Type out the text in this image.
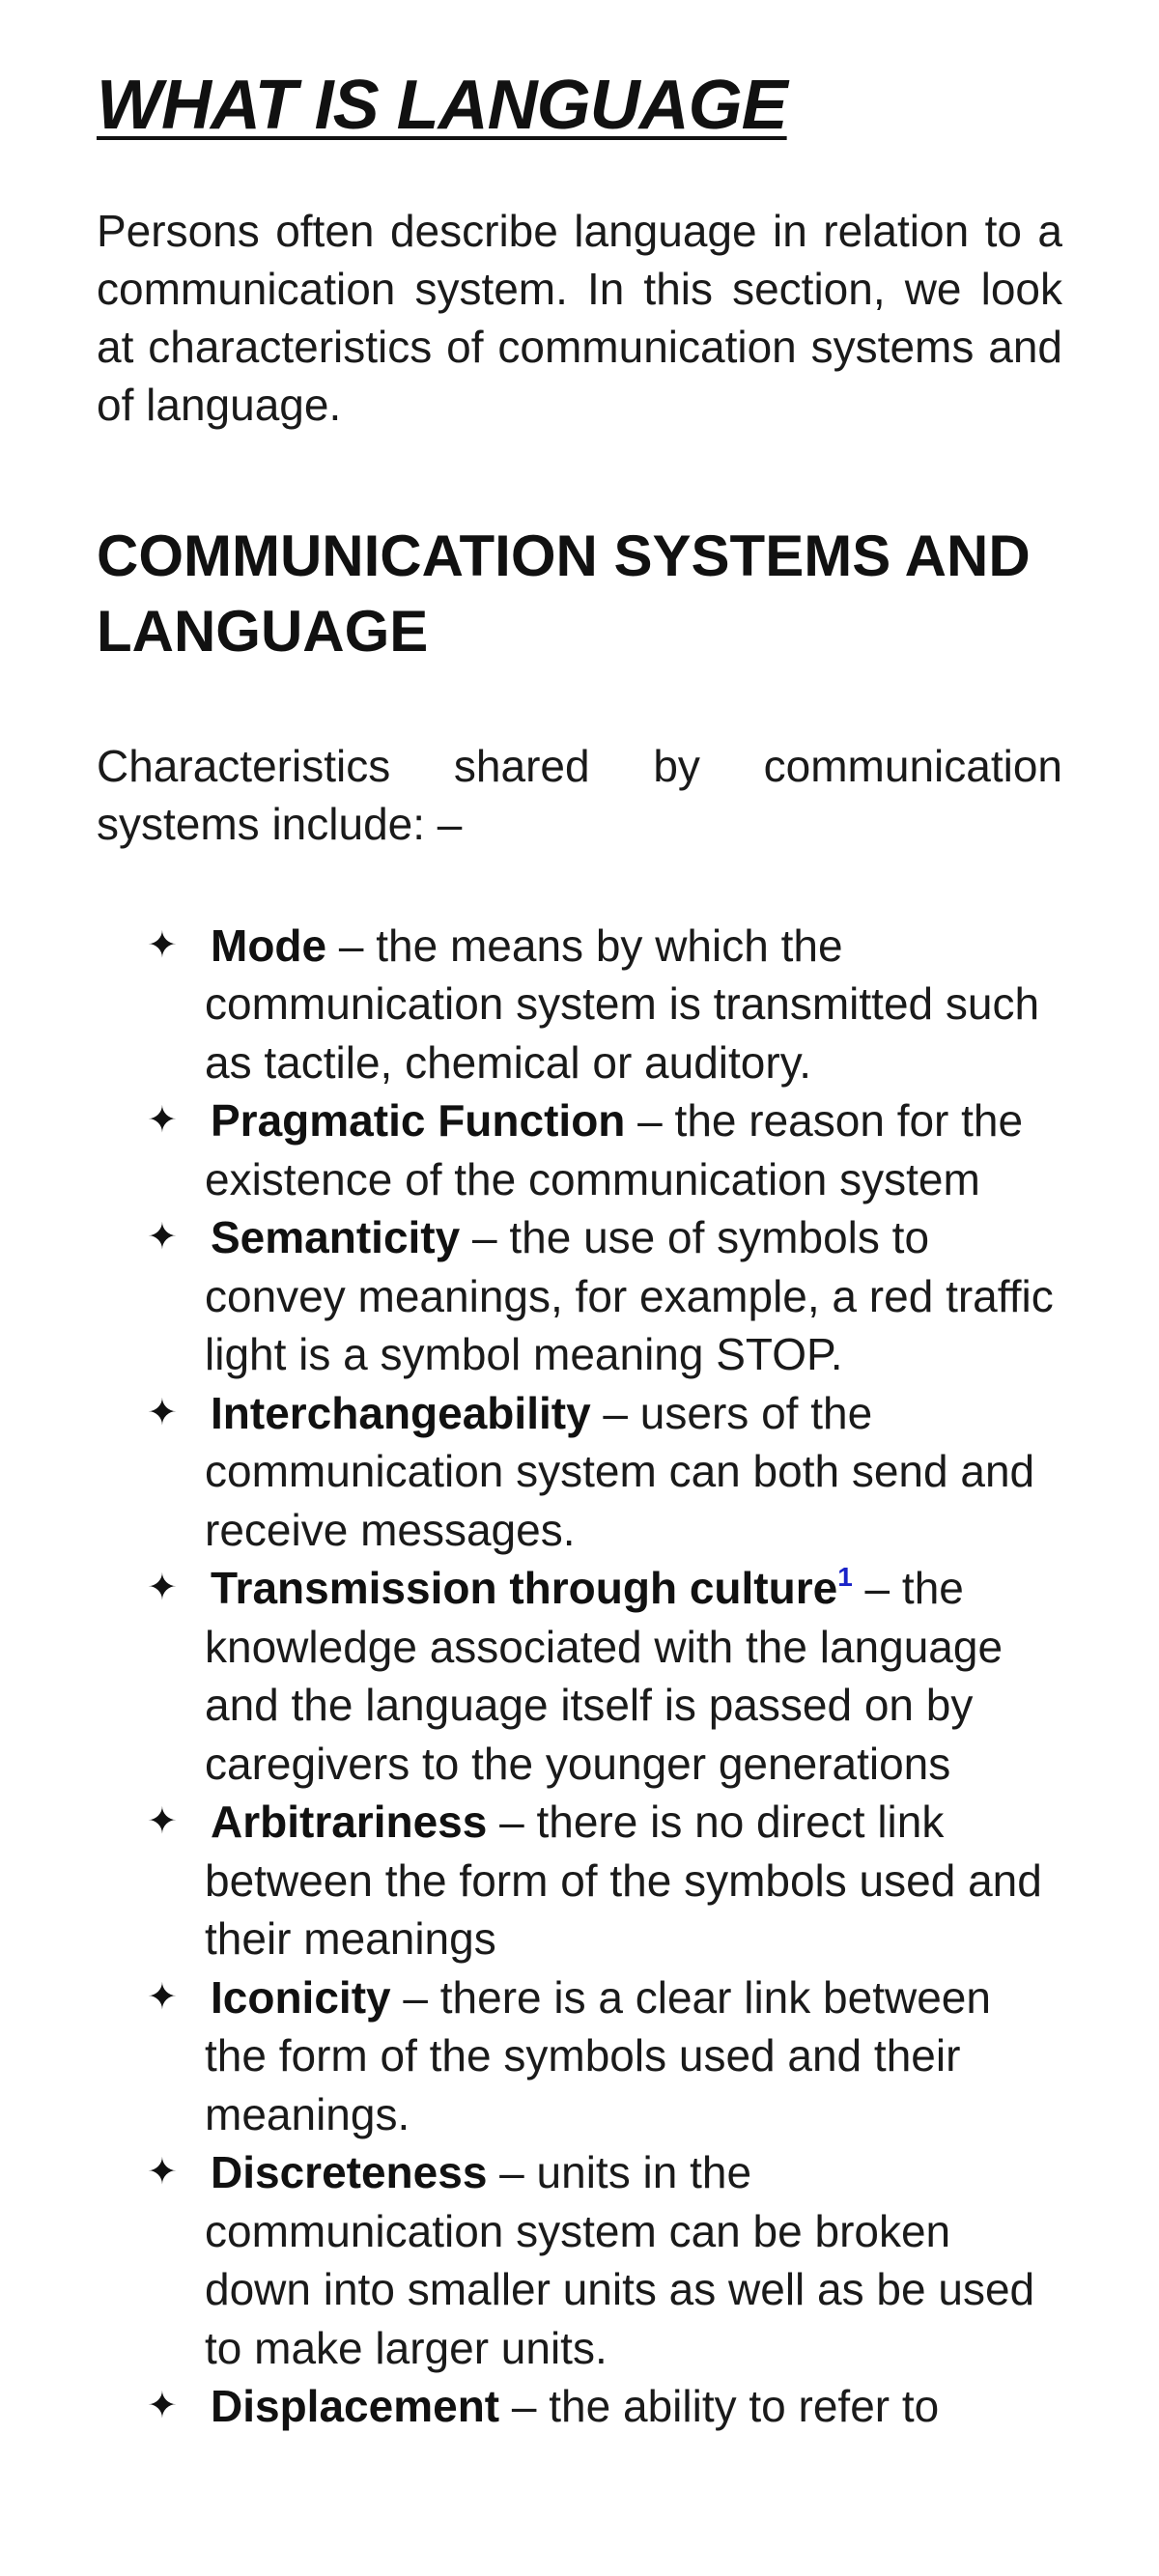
WHAT IS LANGUAGE

Persons often describe language in relation to a communication system. In this section, we look at characteristics of communication systems and of language.

COMMUNICATION SYSTEMS AND LANGUAGE

Characteristics shared by communication systems include: –

✦ Mode – the means by which the communication system is transmitted such as tactile, chemical or auditory.
✦ Pragmatic Function – the reason for the existence of the communication system
✦ Semanticity – the use of symbols to convey meanings, for example, a red traffic light is a symbol meaning STOP.
✦ Interchangeability – users of the communication system can both send and receive messages.
✦ Transmission through culture$^1$ – the knowledge associated with the language and the language itself is passed on by caregivers to the younger generations
✦ Arbitrariness – there is no direct link between the form of the symbols used and their meanings
✦ Iconicity – there is a clear link between the form of the symbols used and their meanings.
✦ Discreteness – units in the communication system can be broken down into smaller units as well as be used to make larger units.
✦ Displacement – the ability to refer to
